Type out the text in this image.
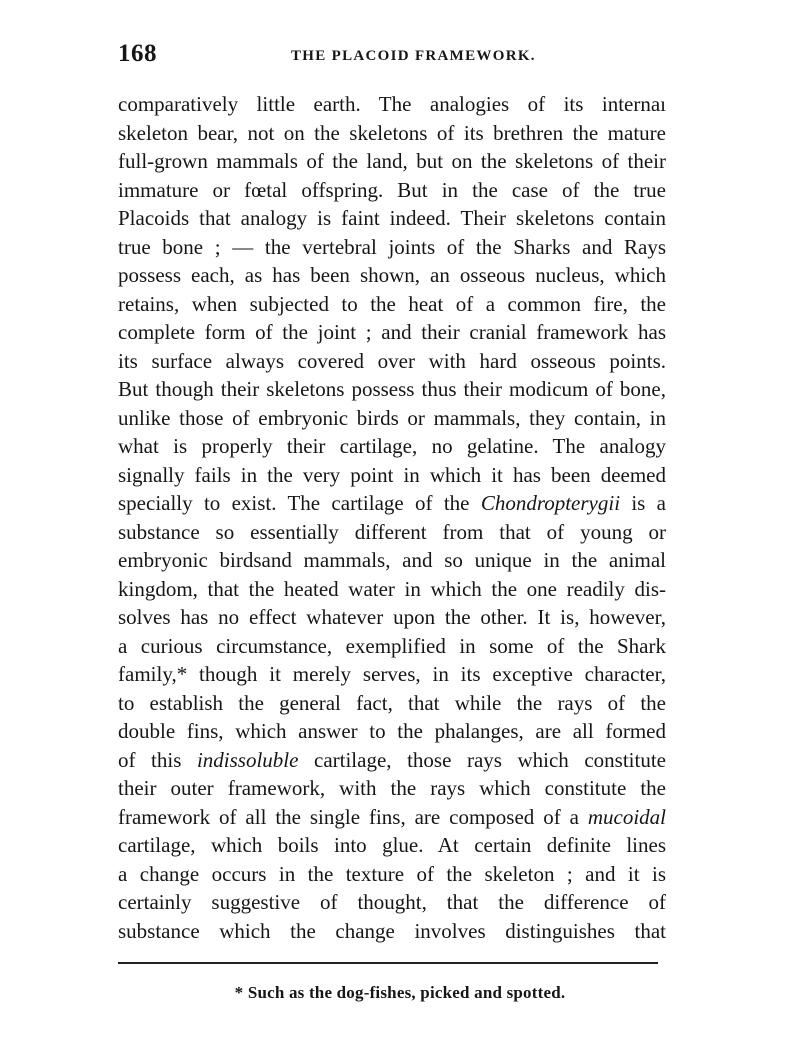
168	THE PLACOID FRAMEWORK.
comparatively little earth. The analogies of its internaı
skeleton bear, not on the skeletons of its brethren the mature
full-grown mammals of the land, but on the skeletons of their
immature or fœtal offspring. But in the case of the true
Placoids that analogy is faint indeed. Their skeletons contain
true bone ; — the vertebral joints of the Sharks and Rays
possess each, as has been shown, an osseous nucleus, which
retains, when subjected to the heat of a common fire, the
complete form of the joint ; and their cranial framework has
its surface always covered over with hard osseous points.
But though their skeletons possess thus their modicum of bone,
unlike those of embryonic birds or mammals, they contain, in
what is properly their cartilage, no gelatine. The analogy
signally fails in the very point in which it has been deemed
specially to exist. The cartilage of the Chondropterygii is a
substance so essentially different from that of young or
embryonic birdsand mammals, and so unique in the animal
kingdom, that the heated water in which the one readily dis-
solves has no effect whatever upon the other. It is, however,
a curious circumstance, exemplified in some of the Shark
family,* though it merely serves, in its exceptive character,
to establish the general fact, that while the rays of the
double fins, which answer to the phalanges, are all formed
of this indissoluble cartilage, those rays which constitute
their outer framework, with the rays which constitute the
framework of all the single fins, are composed of a mucoidal
cartilage, which boils into glue. At certain definite lines
a change occurs in the texture of the skeleton ; and it is
certainly suggestive of thought, that the difference of
substance which the change involves distinguishes that
* Such as the dog-fishes, picked and spotted.
